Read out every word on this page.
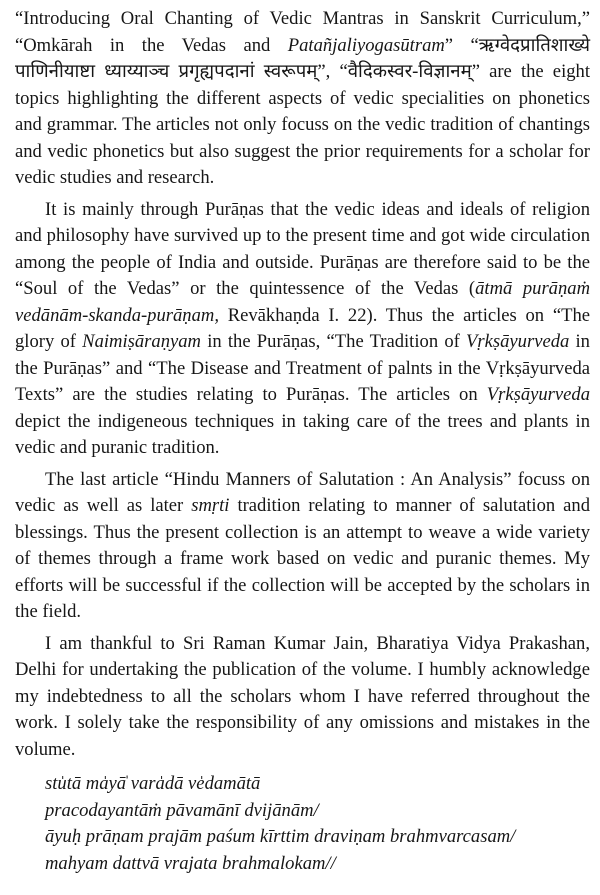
“Introducing Oral Chanting of Vedic Mantras in Sanskrit Curriculum,” “Omkārah in the Vedas and Patañjaliyogasūtram” “ऋग्वेदप्रातिशाख्ये पाणिनीयाष्टा ध्याय्याञ्च प्रगृह्यपदानां स्वरूपम्”, “वैदिकस्वर-विज्ञानम्” are the eight topics highlighting the different aspects of vedic specialities on phonetics and grammar. The articles not only focuss on the vedic tradition of chantings and vedic phonetics but also suggest the prior requirements for a scholar for vedic studies and research.

It is mainly through Purāṇas that the vedic ideas and ideals of religion and philosophy have survived up to the present time and got wide circulation among the people of India and outside. Purāṇas are therefore said to be the “Soul of the Vedas” or the quintessence of the Vedas (ātmā purāṇaṁ vedānām-skanda-purāṇam, Revākhaṇda I. 22). Thus the articles on “The glory of Naimiṣāraṇyam in the Purāṇas, “The Tradition of Vṛkṣāyurveda in the Purāṇas” and “The Disease and Treatment of palnts in the Vṛkṣāyurveda Texts” are the studies relating to Purāṇas. The articles on Vṛkṣāyurveda depict the indigeneous techniques in taking care of the trees and plants in vedic and puranic tradition.

The last article “Hindu Manners of Salutation : An Analysis” focuss on vedic as well as later smṛti tradition relating to manner of salutation and blessings. Thus the present collection is an attempt to weave a wide variety of themes through a frame work based on vedic and puranic themes. My efforts will be successful if the collection will be accepted by the scholars in the field.

I am thankful to Sri Raman Kumar Jain, Bharatiya Vidya Prakashan, Delhi for undertaking the publication of the volume. I humbly acknowledge my indebtedness to all the scholars whom I have referred throughout the work. I solely take the responsibility of any omissions and mistakes in the volume.

stu̍tā ma̍yā̍ vara̍dā ve̍damātā
pracodayantāṁ pāvamānī dvijānām/
āyuḥ prāṇam prajām paśum kīrttim draviṇam brahmvarcasam/
mahyam dattvā vrajata brahmalokam//
